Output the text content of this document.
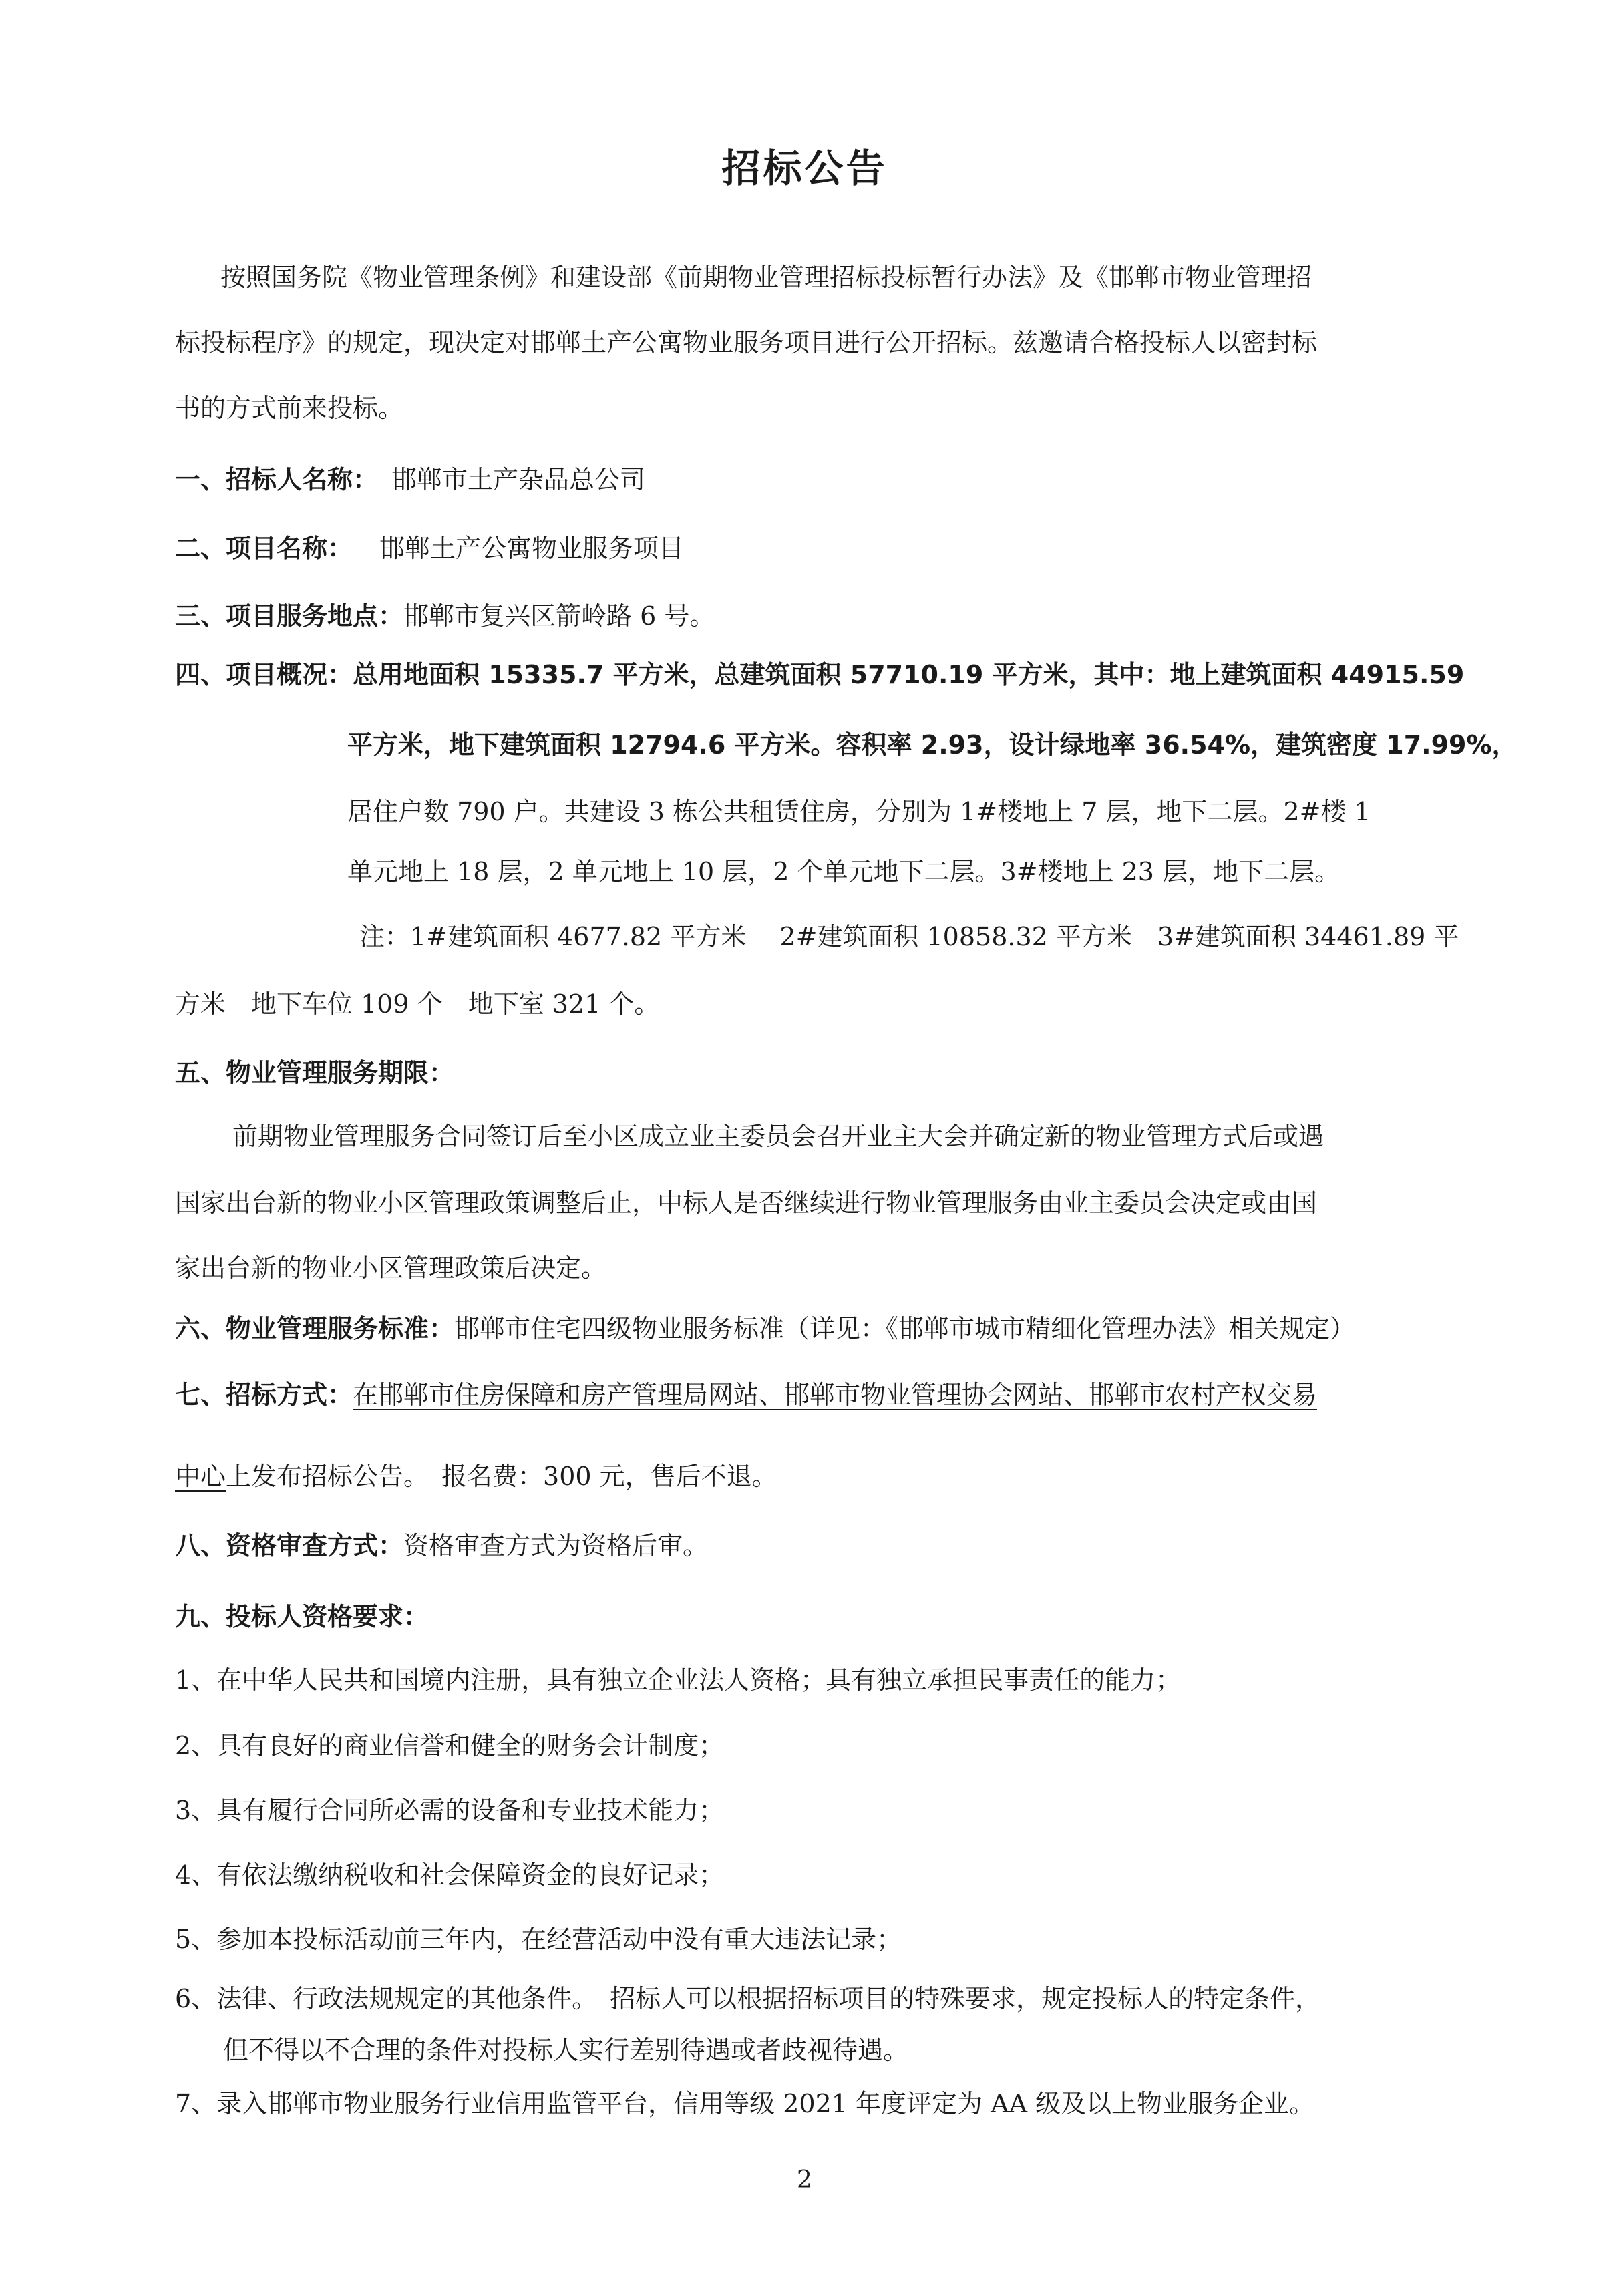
招标公告
按照国务院《物业管理条例》和建设部《前期物业管理招标投标暂行办法》及《邯郸市物业管理招
标投标程序》的规定，现决定对邯郸土产公寓物业服务项目进行公开招标。兹邀请合格投标人以密封标
书的方式前来投标。
一、招标人名称： 邯郸市土产杂品总公司
二、项目名称： 邯郸土产公寓物业服务项目
三、项目服务地点：邯郸市复兴区箭岭路 6 号。
四、项目概况：总用地面积 15335.7 平方米，总建筑面积 57710.19 平方米，其中：地上建筑面积 44915.59
平方米，地下建筑面积 12794.6 平方米。容积率 2.93，设计绿地率 36.54%，建筑密度 17.99%，
居住户数 790 户。共建设 3 栋公共租赁住房，分别为 1#楼地上 7 层，地下二层。2#楼 1
单元地上 18 层，2 单元地上 10 层，2 个单元地下二层。3#楼地上 23 层，地下二层。
注：1#建筑面积 4677.82 平方米　 2#建筑面积 10858.32 平方米　3#建筑面积 34461.89 平
方米　地下车位 109 个　地下室 321 个。
五、物业管理服务期限：
前期物业管理服务合同签订后至小区成立业主委员会召开业主大会并确定新的物业管理方式后或遇
国家出台新的物业小区管理政策调整后止，中标人是否继续进行物业管理服务由业主委员会决定或由国
家出台新的物业小区管理政策后决定。
六、物业管理服务标准：邯郸市住宅四级物业服务标准（详见：《邯郸市城市精细化管理办法》相关规定）
七、招标方式：在邯郸市住房保障和房产管理局网站、邯郸市物业管理协会网站、邯郸市农村产权交易
中心上发布招标公告。　报名费：300 元，售后不退。
八、资格审查方式：资格审查方式为资格后审。
九、投标人资格要求：
1、在中华人民共和国境内注册，具有独立企业法人资格；具有独立承担民事责任的能力；
2、具有良好的商业信誉和健全的财务会计制度；
3、具有履行合同所必需的设备和专业技术能力；
4、有依法缴纳税收和社会保障资金的良好记录；
5、参加本投标活动前三年内，在经营活动中没有重大违法记录；
6、法律、行政法规规定的其他条件。　招标人可以根据招标项目的特殊要求，规定投标人的特定条件，
但不得以不合理的条件对投标人实行差别待遇或者歧视待遇。
7、录入邯郸市物业服务行业信用监管平台，信用等级 2021 年度评定为 AA 级及以上物业服务企业。
2
